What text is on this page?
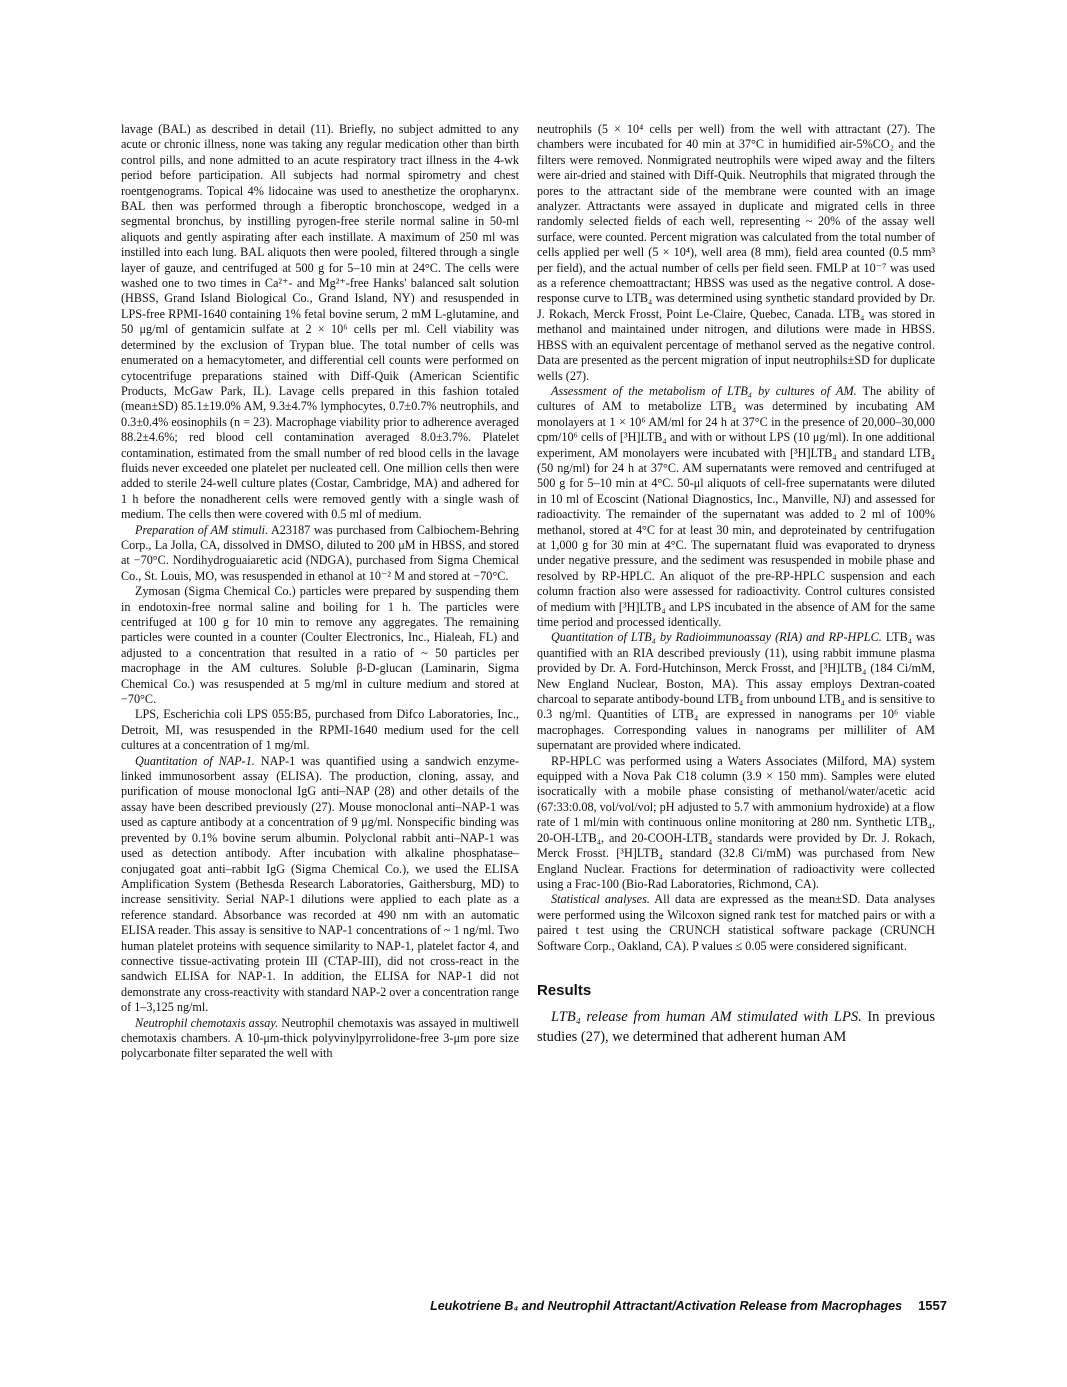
lavage (BAL) as described in detail (11). Briefly, no subject admitted to any acute or chronic illness, none was taking any regular medication other than birth control pills, and none admitted to an acute respiratory tract illness in the 4-wk period before participation. All subjects had normal spirometry and chest roentgenograms. Topical 4% lidocaine was used to anesthetize the oropharynx. BAL then was performed through a fiberoptic bronchoscope, wedged in a segmental bronchus, by instilling pyrogen-free sterile normal saline in 50-ml aliquots and gently aspirating after each instillate. A maximum of 250 ml was instilled into each lung. BAL aliquots then were pooled, filtered through a single layer of gauze, and centrifuged at 500 g for 5–10 min at 24°C. The cells were washed one to two times in Ca²⁺- and Mg²⁺-free Hanks' balanced salt solution (HBSS, Grand Island Biological Co., Grand Island, NY) and resuspended in LPS-free RPMI-1640 containing 1% fetal bovine serum, 2 mM L-glutamine, and 50 μg/ml of gentamicin sulfate at 2 × 10⁶ cells per ml. Cell viability was determined by the exclusion of Trypan blue. The total number of cells was enumerated on a hemacytometer, and differential cell counts were performed on cytocentrifuge preparations stained with Diff-Quik (American Scientific Products, McGaw Park, IL). Lavage cells prepared in this fashion totaled (mean±SD) 85.1±19.0% AM, 9.3±4.7% lymphocytes, 0.7±0.7% neutrophils, and 0.3±0.4% eosinophils (n = 23). Macrophage viability prior to adherence averaged 88.2±4.6%; red blood cell contamination averaged 8.0±3.7%. Platelet contamination, estimated from the small number of red blood cells in the lavage fluids never exceeded one platelet per nucleated cell. One million cells then were added to sterile 24-well culture plates (Costar, Cambridge, MA) and adhered for 1 h before the nonadherent cells were removed gently with a single wash of medium. The cells then were covered with 0.5 ml of medium.

Preparation of AM stimuli. A23187 was purchased from Calbiochem-Behring Corp., La Jolla, CA, dissolved in DMSO, diluted to 200 μM in HBSS, and stored at −70°C. Nordihydroguaiaretic acid (NDGA), purchased from Sigma Chemical Co., St. Louis, MO, was resuspended in ethanol at 10⁻² M and stored at −70°C.

Zymosan (Sigma Chemical Co.) particles were prepared by suspending them in endotoxin-free normal saline and boiling for 1 h. The particles were centrifuged at 100 g for 10 min to remove any aggregates. The remaining particles were counted in a counter (Coulter Electronics, Inc., Hialeah, FL) and adjusted to a concentration that resulted in a ratio of ~ 50 particles per macrophage in the AM cultures. Soluble β-D-glucan (Laminarin, Sigma Chemical Co.) was resuspended at 5 mg/ml in culture medium and stored at −70°C.

LPS, Escherichia coli LPS 055:B5, purchased from Difco Laboratories, Inc., Detroit, MI, was resuspended in the RPMI-1640 medium used for the cell cultures at a concentration of 1 mg/ml.

Quantitation of NAP-1. NAP-1 was quantified using a sandwich enzyme-linked immunosorbent assay (ELISA). The production, cloning, assay, and purification of mouse monoclonal IgG anti–NAP (28) and other details of the assay have been described previously (27). Mouse monoclonal anti–NAP-1 was used as capture antibody at a concentration of 9 μg/ml. Nonspecific binding was prevented by 0.1% bovine serum albumin. Polyclonal rabbit anti–NAP-1 was used as detection antibody. After incubation with alkaline phosphatase–conjugated goat anti–rabbit IgG (Sigma Chemical Co.), we used the ELISA Amplification System (Bethesda Research Laboratories, Gaithersburg, MD) to increase sensitivity. Serial NAP-1 dilutions were applied to each plate as a reference standard. Absorbance was recorded at 490 nm with an automatic ELISA reader. This assay is sensitive to NAP-1 concentrations of ~ 1 ng/ml. Two human platelet proteins with sequence similarity to NAP-1, platelet factor 4, and connective tissue-activating protein III (CTAP-III), did not cross-react in the sandwich ELISA for NAP-1. In addition, the ELISA for NAP-1 did not demonstrate any cross-reactivity with standard NAP-2 over a concentration range of 1–3,125 ng/ml.

Neutrophil chemotaxis assay. Neutrophil chemotaxis was assayed in multiwell chemotaxis chambers. A 10-μm-thick polyvinylpyrrolidone-free 3-μm pore size polycarbonate filter separated the well with

neutrophils (5 × 10⁴ cells per well) from the well with attractant (27). The chambers were incubated for 40 min at 37°C in humidified air-5%CO₂ and the filters were removed. Nonmigrated neutrophils were wiped away and the filters were air-dried and stained with Diff-Quik. Neutrophils that migrated through the pores to the attractant side of the membrane were counted with an image analyzer. Attractants were assayed in duplicate and migrated cells in three randomly selected fields of each well, representing ~ 20% of the assay well surface, were counted. Percent migration was calculated from the total number of cells applied per well (5 × 10⁴), well area (8 mm), field area counted (0.5 mm³ per field), and the actual number of cells per field seen. FMLP at 10⁻⁷ was used as a reference chemoattractant; HBSS was used as the negative control. A dose-response curve to LTB₄ was determined using synthetic standard provided by Dr. J. Rokach, Merck Frosst, Point Le-Claire, Quebec, Canada. LTB₄ was stored in methanol and maintained under nitrogen, and dilutions were made in HBSS. HBSS with an equivalent percentage of methanol served as the negative control. Data are presented as the percent migration of input neutrophils±SD for duplicate wells (27).

Assessment of the metabolism of LTB₄ by cultures of AM. The ability of cultures of AM to metabolize LTB₄ was determined by incubating AM monolayers at 1 × 10⁶ AM/ml for 24 h at 37°C in the presence of 20,000–30,000 cpm/10⁶ cells of [³H]LTB₄ and with or without LPS (10 μg/ml). In one additional experiment, AM monolayers were incubated with [³H]LTB₄ and standard LTB₄ (50 ng/ml) for 24 h at 37°C. AM supernatants were removed and centrifuged at 500 g for 5–10 min at 4°C. 50-μl aliquots of cell-free supernatants were diluted in 10 ml of Ecoscint (National Diagnostics, Inc., Manville, NJ) and assessed for radioactivity. The remainder of the supernatant was added to 2 ml of 100% methanol, stored at 4°C for at least 30 min, and deproteinated by centrifugation at 1,000 g for 30 min at 4°C. The supernatant fluid was evaporated to dryness under negative pressure, and the sediment was resuspended in mobile phase and resolved by RP-HPLC. An aliquot of the pre-RP-HPLC suspension and each column fraction also were assessed for radioactivity. Control cultures consisted of medium with [³H]LTB₄ and LPS incubated in the absence of AM for the same time period and processed identically.

Quantitation of LTB₄ by Radioimmunoassay (RIA) and RP-HPLC. LTB₄ was quantified with an RIA described previously (11), using rabbit immune plasma provided by Dr. A. Ford-Hutchinson, Merck Frosst, and [³H]LTB₄ (184 Ci/mM, New England Nuclear, Boston, MA). This assay employs Dextran-coated charcoal to separate antibody-bound LTB₄ from unbound LTB₄ and is sensitive to 0.3 ng/ml. Quantities of LTB₄ are expressed in nanograms per 10⁶ viable macrophages. Corresponding values in nanograms per milliliter of AM supernatant are provided where indicated.

RP-HPLC was performed using a Waters Associates (Milford, MA) system equipped with a Nova Pak C18 column (3.9 × 150 mm). Samples were eluted isocratically with a mobile phase consisting of methanol/water/acetic acid (67:33:0.08, vol/vol/vol; pH adjusted to 5.7 with ammonium hydroxide) at a flow rate of 1 ml/min with continuous online monitoring at 280 nm. Synthetic LTB₄, 20-OH-LTB₄, and 20-COOH-LTB₄ standards were provided by Dr. J. Rokach, Merck Frosst. [³H]LTB₄ standard (32.8 Ci/mM) was purchased from New England Nuclear. Fractions for determination of radioactivity were collected using a Frac-100 (Bio-Rad Laboratories, Richmond, CA).

Statistical analyses. All data are expressed as the mean±SD. Data analyses were performed using the Wilcoxon signed rank test for matched pairs or with a paired t test using the CRUNCH statistical software package (CRUNCH Software Corp., Oakland, CA). P values ≤ 0.05 were considered significant.

Results

LTB₄ release from human AM stimulated with LPS. In previous studies (27), we determined that adherent human AM

Leukotriene B₄ and Neutrophil Attractant/Activation Release from Macrophages 1557
